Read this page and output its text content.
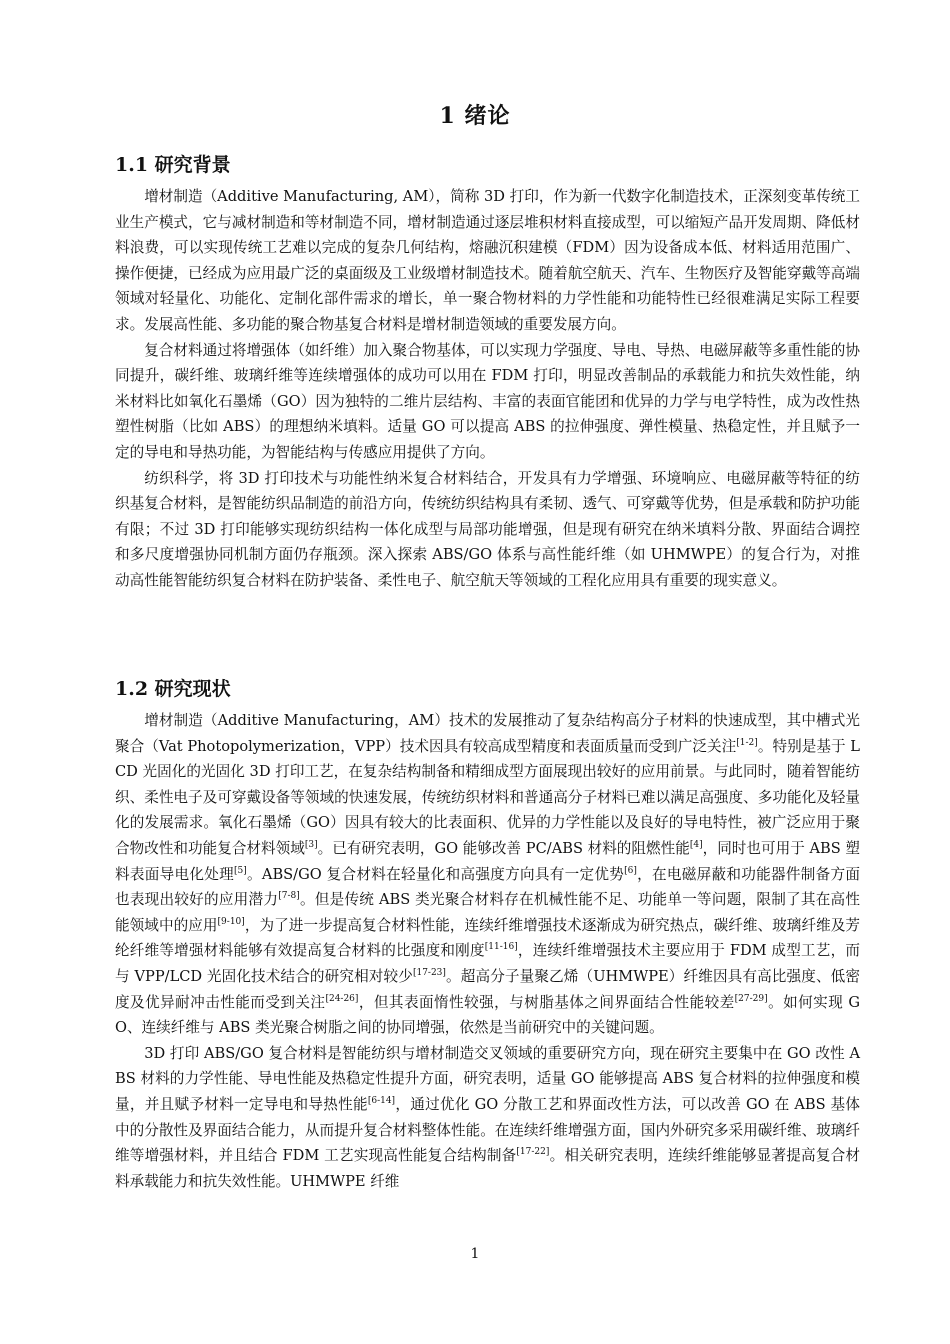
1 绪论
1.1 研究背景

增材制造（Additive Manufacturing, AM），简称 3D 打印，作为新一代数字化制造技术，正深刻变革传统工业生产模式，它与减材制造和等材制造不同，增材制造通过逐层堆积材料直接成型，可以缩短产品开发周期、降低材料浪费，可以实现传统工艺难以完成的复杂几何结构，熔融沉积建模（FDM）因为设备成本低、材料适用范围广、操作便捷，已经成为应用最广泛的桌面级及工业级增材制造技术。随着航空航天、汽车、生物医疗及智能穿戴等高端领域对轻量化、功能化、定制化部件需求的增长，单一聚合物材料的力学性能和功能特性已经很难满足实际工程要求。发展高性能、多功能的聚合物基复合材料是增材制造领域的重要发展方向。

复合材料通过将增强体（如纤维）加入聚合物基体，可以实现力学强度、导电、导热、电磁屏蔽等多重性能的协同提升，碳纤维、玻璃纤维等连续增强体的成功可以用在 FDM 打印，明显改善制品的承载能力和抗失效性能，纳米材料比如氧化石墨烯（GO）因为独特的二维片层结构、丰富的表面官能团和优异的力学与电学特性，成为改性热塑性树脂（比如 ABS）的理想纳米填料。适量 GO 可以提高 ABS 的拉伸强度、弹性模量、热稳定性，并且赋予一定的导电和导热功能，为智能结构与传感应用提供了方向。

纺织科学，将 3D 打印技术与功能性纳米复合材料结合，开发具有力学增强、环境响应、电磁屏蔽等特征的纺织基复合材料，是智能纺织品制造的前沿方向，传统纺织结构具有柔韧、透气、可穿戴等优势，但是承载和防护功能有限；不过 3D 打印能够实现纺织结构一体化成型与局部功能增强，但是现有研究在纳米填料分散、界面结合调控和多尺度增强协同机制方面仍存瓶颈。深入探索 ABS/GO 体系与高性能纤维（如 UHMWPE）的复合行为，对推动高性能智能纺织复合材料在防护装备、柔性电子、航空航天等领域的工程化应用具有重要的现实意义。

1.2 研究现状

增材制造（Additive Manufacturing，AM）技术的发展推动了复杂结构高分子材料的快速成型，其中槽式光聚合（Vat Photopolymerization，VPP）技术因具有较高成型精度和表面质量而受到广泛关注[1-2]。特别是基于 LCD 光固化的光固化 3D 打印工艺，在复杂结构制备和精细成型方面展现出较好的应用前景。与此同时，随着智能纺织、柔性电子及可穿戴设备等领域的快速发展，传统纺织材料和普通高分子材料已难以满足高强度、多功能化及轻量化的发展需求。氧化石墨烯（GO）因具有较大的比表面积、优异的力学性能以及良好的导电特性，被广泛应用于聚合物改性和功能复合材料领域[3]。已有研究表明，GO 能够改善 PC/ABS 材料的阻燃性能[4]，同时也可用于 ABS 塑料表面导电化处理[5]。ABS/GO 复合材料在轻量化和高强度方向具有一定优势[6]，在电磁屏蔽和功能器件制备方面也表现出较好的应用潜力[7-8]。但是传统 ABS 类光聚合材料存在机械性能不足、功能单一等问题，限制了其在高性能领域中的应用[9-10]，为了进一步提高复合材料性能，连续纤维增强技术逐渐成为研究热点，碳纤维、玻璃纤维及芳纶纤维等增强材料能够有效提高复合材料的比强度和刚度[11-16]，连续纤维增强技术主要应用于 FDM 成型工艺，而与 VPP/LCD 光固化技术结合的研究相对较少[17-23]。超高分子量聚乙烯（UHMWPE）纤维因具有高比强度、低密度及优异耐冲击性能而受到关注[24-26]，但其表面惰性较强，与树脂基体之间界面结合性能较差[27-29]。如何实现 GO、连续纤维与 ABS 类光聚合树脂之间的协同增强，依然是当前研究中的关键问题。

3D 打印 ABS/GO 复合材料是智能纺织与增材制造交叉领域的重要研究方向，现在研究主要集中在 GO 改性 ABS 材料的力学性能、导电性能及热稳定性提升方面，研究表明，适量 GO 能够提高 ABS 复合材料的拉伸强度和模量，并且赋予材料一定导电和导热性能[6-14]，通过优化 GO 分散工艺和界面改性方法，可以改善 GO 在 ABS 基体中的分散性及界面结合能力，从而提升复合材料整体性能。在连续纤维增强方面，国内外研究多采用碳纤维、玻璃纤维等增强材料，并且结合 FDM 工艺实现高性能复合结构制备[17-22]。相关研究表明，连续纤维能够显著提高复合材料承载能力和抗失效性能。UHMWPE 纤维

1
